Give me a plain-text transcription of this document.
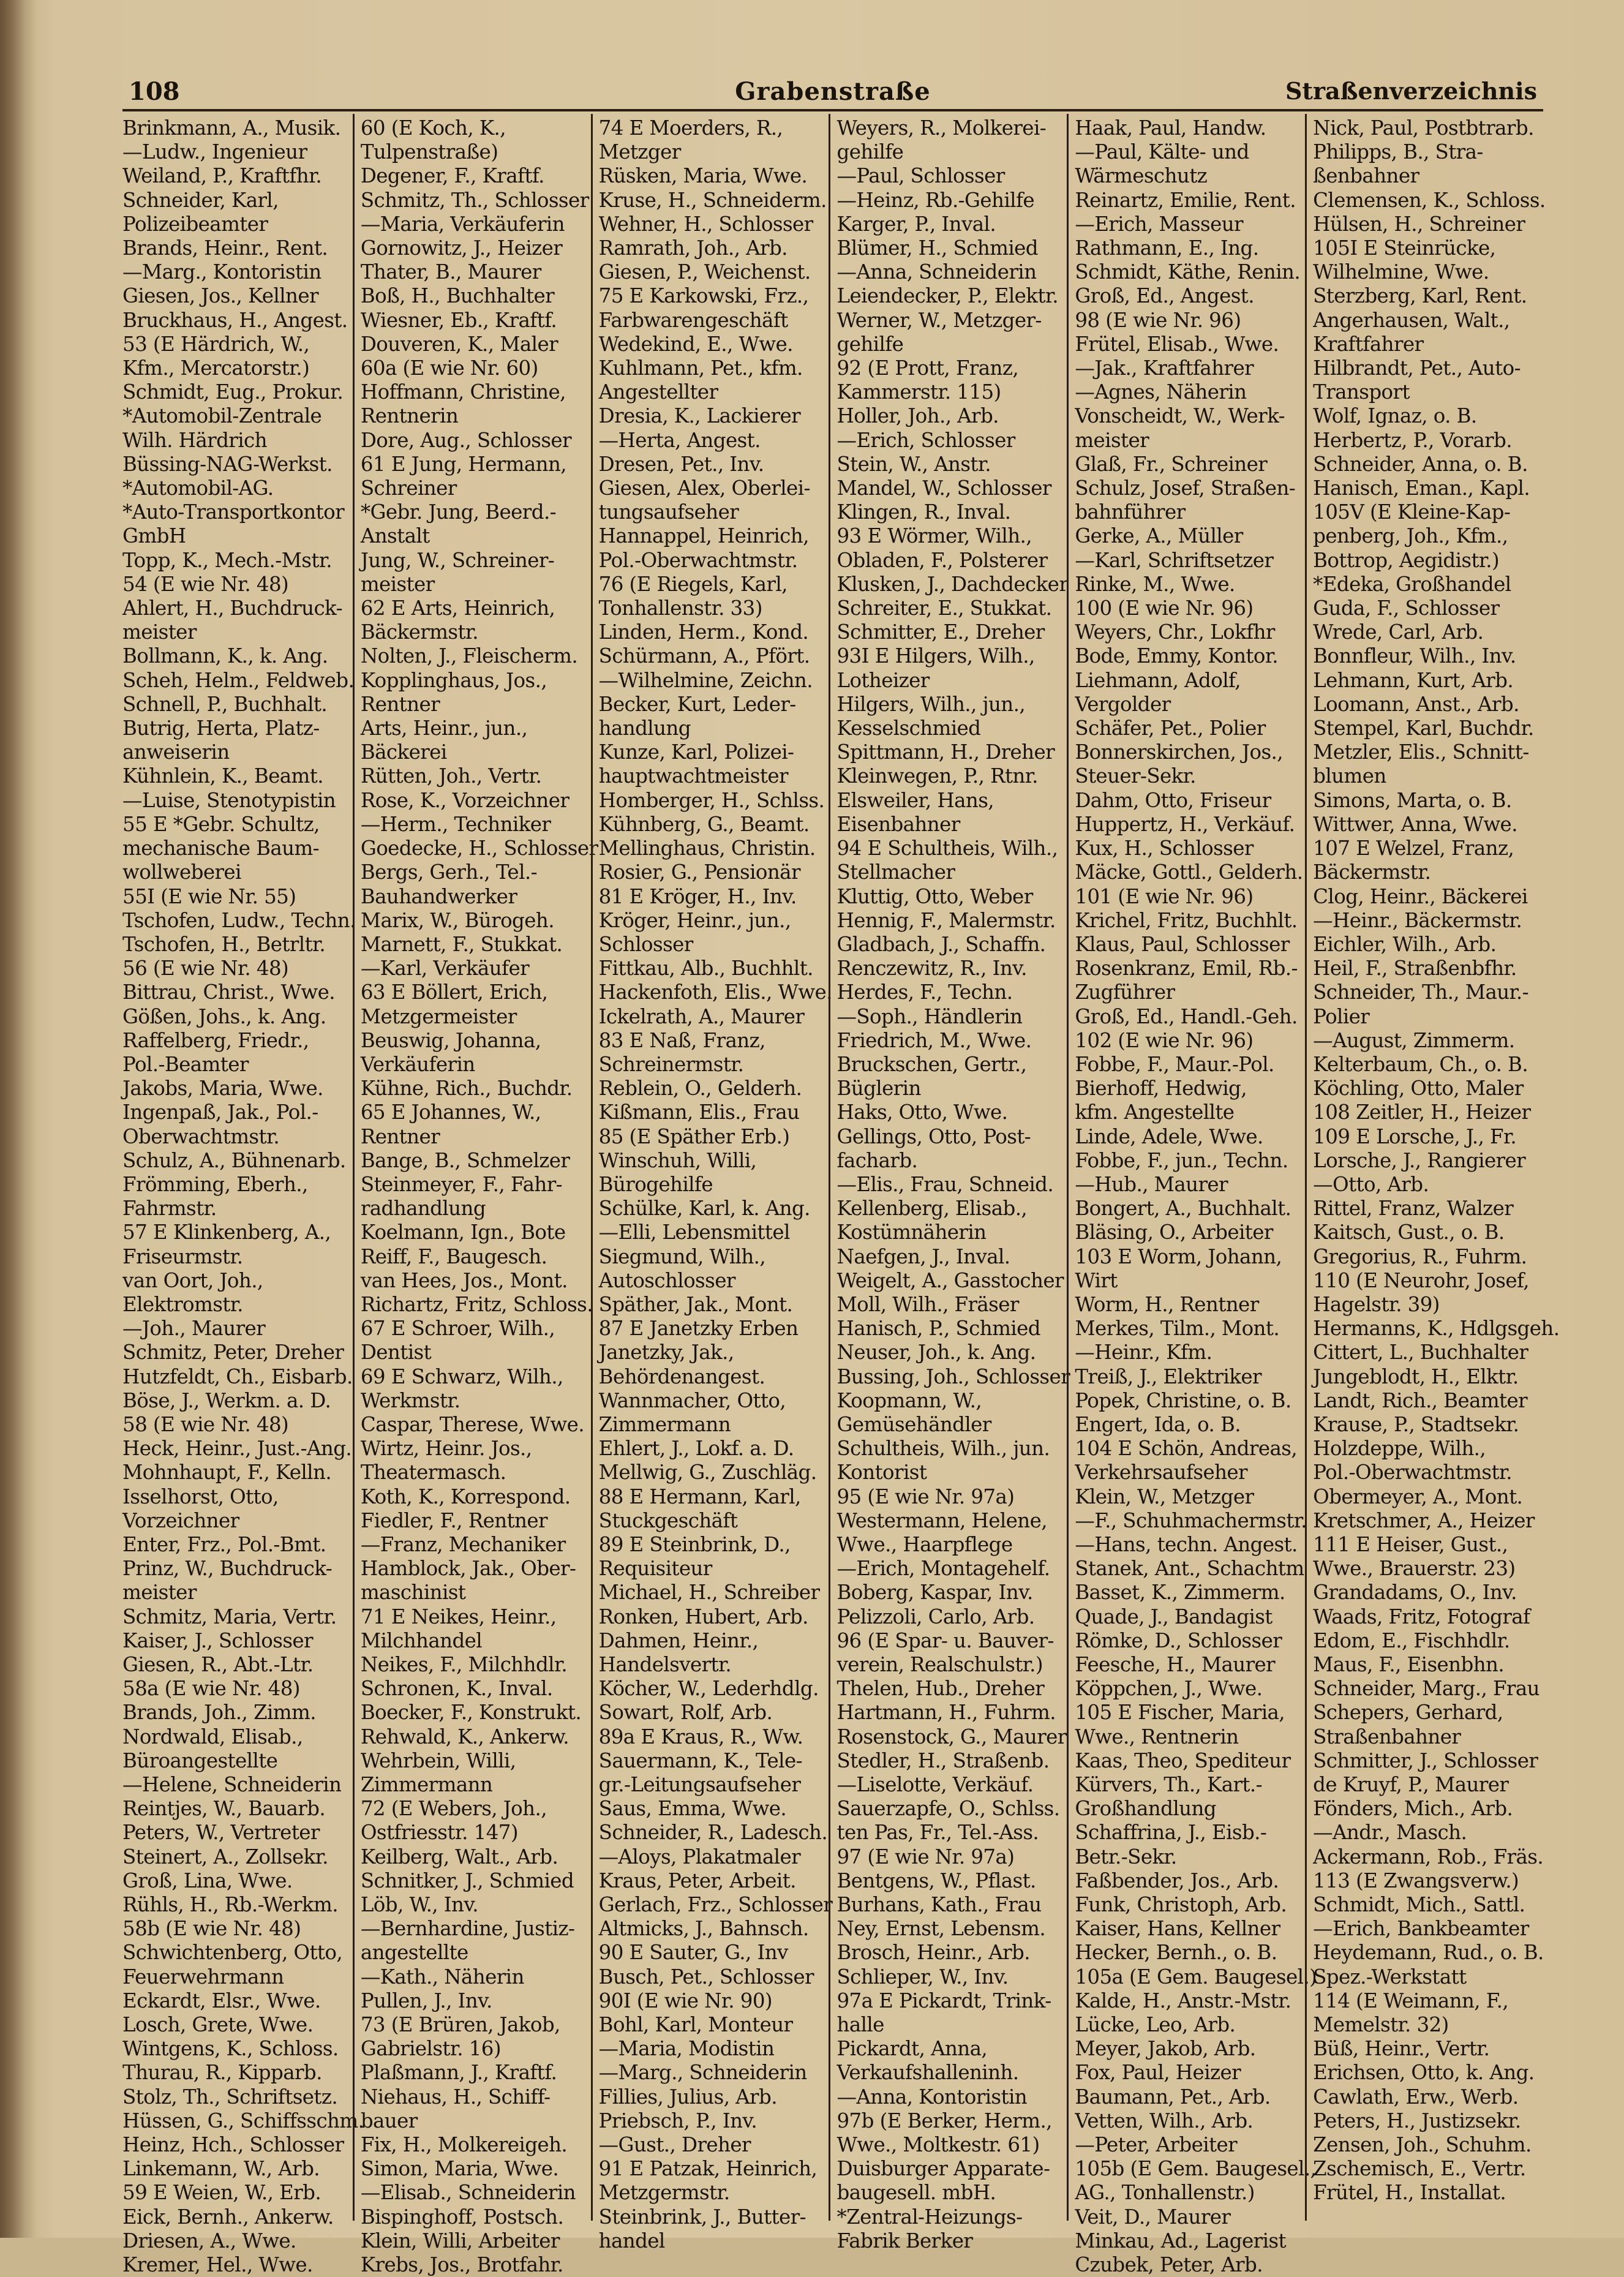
108	Grabenstraße	Straßenverzeichnis
Brinkmann, A., Musik.
—Ludw., Ingenieur
Weiland, P., Kraftfhr.
Schneider, Karl,
Polizeibeamter
Brands, Heinr., Rent.
—Marg., Kontoristin
Giesen, Jos., Kellner
Bruckhaus, H., Angest.
53 (E Härdrich, W.,
Kfm., Mercatorstr.)
Schmidt, Eug., Prokur.
*Automobil-Zentrale
Wilh. Härdrich
Büssing-NAG-Werkst.
*Automobil-AG.
*Auto-Transportkontor
GmbH
Topp, K., Mech.-Mstr.
54 (E wie Nr. 48)
Ahlert, H., Buchdruck-
meister
Bollmann, K., k. Ang.
Scheh, Helm., Feldweb.
Schnell, P., Buchhalt.
Butrig, Herta, Platz-
anweiserin
Kühnlein, K., Beamt.
—Luise, Stenotypistin
55 E *Gebr. Schultz,
mechanische Baum-
wollweberei
55I (E wie Nr. 55)
Tschofen, Ludw., Techn.
Tschofen, H., Betrltr.
56 (E wie Nr. 48)
Bittrau, Christ., Wwe.
Gößen, Johs., k. Ang.
Raffelberg, Friedr.,
Pol.-Beamter
Jakobs, Maria, Wwe.
Ingenpaß, Jak., Pol.-
Oberwachtmstr.
Schulz, A., Bühnenarb.
Frömming, Eberh.,
Fahrmstr.
57 E Klinkenberg, A.,
Friseurmstr.
van Oort, Joh.,
Elektromstr.
—Joh., Maurer
Schmitz, Peter, Dreher
Hutzfeldt, Ch., Eisbarb.
Böse, J., Werkm. a. D.
58 (E wie Nr. 48)
Heck, Heinr., Just.-Ang.
Mohnhaupt, F., Kelln.
Isselhorst, Otto,
Vorzeichner
Enter, Frz., Pol.-Bmt.
Prinz, W., Buchdruck-
meister
Schmitz, Maria, Vertr.
Kaiser, J., Schlosser
Giesen, R., Abt.-Ltr.
58a (E wie Nr. 48)
Brands, Joh., Zimm.
Nordwald, Elisab.,
Büroangestellte
—Helene, Schneiderin
Reintjes, W., Bauarb.
Peters, W., Vertreter
Steinert, A., Zollsekr.
Groß, Lina, Wwe.
Rühls, H., Rb.-Werkm.
58b (E wie Nr. 48)
Schwichtenberg, Otto,
Feuerwehrmann
Eckardt, Elsr., Wwe.
Losch, Grete, Wwe.
Wintgens, K., Schloss.
Thurau, R., Kipparb.
Stolz, Th., Schriftsetz.
Hüssen, G., Schiffsschm.
Heinz, Hch., Schlosser
Linkemann, W., Arb.
59 E Weien, W., Erb.
Eick, Bernh., Ankerw.
Driesen, A., Wwe.
Kremer, Hel., Wwe.
60 (E Koch, K.,
Tulpenstraße)
Degener, F., Kraftf.
Schmitz, Th., Schlosser
—Maria, Verkäuferin
Gornowitz, J., Heizer
Thater, B., Maurer
Boß, H., Buchhalter
Wiesner, Eb., Kraftf.
Douveren, K., Maler
60a (E wie Nr. 60)
Hoffmann, Christine,
Rentnerin
Dore, Aug., Schlosser
61 E Jung, Hermann,
Schreiner
*Gebr. Jung, Beerd.-
Anstalt
Jung, W., Schreiner-
meister
62 E Arts, Heinrich,
Bäckermstr.
Nolten, J., Fleischerm.
Kopplinghaus, Jos.,
Rentner
Arts, Heinr., jun.,
Bäckerei
Rütten, Joh., Vertr.
Rose, K., Vorzeichner
—Herm., Techniker
Goedecke, H., Schlosser
Bergs, Gerh., Tel.-
Bauhandwerker
Marix, W., Bürogeh.
Marnett, F., Stukkat.
—Karl, Verkäufer
63 E Böllert, Erich,
Metzgermeister
Beuswig, Johanna,
Verkäuferin
Kühne, Rich., Buchdr.
65 E Johannes, W.,
Rentner
Bange, B., Schmelzer
Steinmeyer, F., Fahr-
radhandlung
Koelmann, Ign., Bote
Reiff, F., Baugesch.
van Hees, Jos., Mont.
Richartz, Fritz, Schloss.
67 E Schroer, Wilh.,
Dentist
69 E Schwarz, Wilh.,
Werkmstr.
Caspar, Therese, Wwe.
Wirtz, Heinr. Jos.,
Theatermasch.
Koth, K., Korrespond.
Fiedler, F., Rentner
—Franz, Mechaniker
Hamblock, Jak., Ober-
maschinist
71 E Neikes, Heinr.,
Milchhandel
Neikes, F., Milchhdlr.
Schronen, K., Inval.
Boecker, F., Konstrukt.
Rehwald, K., Ankerw.
Wehrbein, Willi,
Zimmermann
72 (E Webers, Joh.,
Ostfriesstr. 147)
Keilberg, Walt., Arb.
Schnitker, J., Schmied
Löb, W., Inv.
—Bernhardine, Justiz-
angestellte
—Kath., Näherin
Pullen, J., Inv.
73 (E Brüren, Jakob,
Gabrielstr. 16)
Plaßmann, J., Kraftf.
Niehaus, H., Schiff-
bauer
Fix, H., Molkereigeh.
Simon, Maria, Wwe.
—Elisab., Schneiderin
Bispinghoff, Postsch.
Klein, Willi, Arbeiter
Krebs, Jos., Brotfahr.
74 E Moerders, R.,
Metzger
Rüsken, Maria, Wwe.
Kruse, H., Schneiderm.
Wehner, H., Schlosser
Ramrath, Joh., Arb.
Giesen, P., Weichenst.
75 E Karkowski, Frz.,
Farbwarengeschäft
Wedekind, E., Wwe.
Kuhlmann, Pet., kfm.
Angestellter
Dresia, K., Lackierer
—Herta, Angest.
Dresen, Pet., Inv.
Giesen, Alex, Oberlei-
tungsaufseher
Hannappel, Heinrich,
Pol.-Oberwachtmstr.
76 (E Riegels, Karl,
Tonhallenstr. 33)
Linden, Herm., Kond.
Schürmann, A., Pfört.
—Wilhelmine, Zeichn.
Becker, Kurt, Leder-
handlung
Kunze, Karl, Polizei-
hauptwachtmeister
Homberger, H., Schlss.
Kühnberg, G., Beamt.
Mellinghaus, Christin.
Rosier, G., Pensionär
81 E Kröger, H., Inv.
Kröger, Heinr., jun.,
Schlosser
Fittkau, Alb., Buchhlt.
Hackenfoth, Elis., Wwe.
Ickelrath, A., Maurer
83 E Naß, Franz,
Schreinermstr.
Reblein, O., Gelderh.
Kißmann, Elis., Frau
85 (E Späther Erb.)
Winschuh, Willi,
Bürogehilfe
Schülke, Karl, k. Ang.
—Elli, Lebensmittel
Siegmund, Wilh.,
Autoschlosser
Späther, Jak., Mont.
87 E Janetzky Erben
Janetzky, Jak.,
Behördenangest.
Wannmacher, Otto,
Zimmermann
Ehlert, J., Lokf. a. D.
Mellwig, G., Zuschläg.
88 E Hermann, Karl,
Stuckgeschäft
89 E Steinbrink, D.,
Requisiteur
Michael, H., Schreiber
Ronken, Hubert, Arb.
Dahmen, Heinr.,
Handelsvertr.
Köcher, W., Lederhdlg.
Sowart, Rolf, Arb.
89a E Kraus, R., Ww.
Sauermann, K., Tele-
gr.-Leitungsaufseher
Saus, Emma, Wwe.
Schneider, R., Ladesch.
—Aloys, Plakatmaler
Kraus, Peter, Arbeit.
Gerlach, Frz., Schlosser
Altmicks, J., Bahnsch.
90 E Sauter, G., Inv
Busch, Pet., Schlosser
90I (E wie Nr. 90)
Bohl, Karl, Monteur
—Maria, Modistin
—Marg., Schneiderin
Fillies, Julius, Arb.
Priebsch, P., Inv.
—Gust., Dreher
91 E Patzak, Heinrich,
Metzgermstr.
Steinbrink, J., Butter-
handel
Weyers, R., Molkerei-
gehilfe
—Paul, Schlosser
—Heinz, Rb.-Gehilfe
Karger, P., Inval.
Blümer, H., Schmied
—Anna, Schneiderin
Leiendecker, P., Elektr.
Werner, W., Metzger-
gehilfe
92 (E Prott, Franz,
Kammerstr. 115)
Holler, Joh., Arb.
—Erich, Schlosser
Stein, W., Anstr.
Mandel, W., Schlosser
Klingen, R., Inval.
93 E Wörmer, Wilh.,
Obladen, F., Polsterer
Klusken, J., Dachdecker
Schreiter, E., Stukkat.
Schmitter, E., Dreher
93I E Hilgers, Wilh.,
Lotheizer
Hilgers, Wilh., jun.,
Kesselschmied
Spittmann, H., Dreher
Kleinwegen, P., Rtnr.
Elsweiler, Hans,
Eisenbahner
94 E Schultheis, Wilh.,
Stellmacher
Kluttig, Otto, Weber
Hennig, F., Malermstr.
Gladbach, J., Schaffn.
Renczewitz, R., Inv.
Herdes, F., Techn.
—Soph., Händlerin
Friedrich, M., Wwe.
Bruckschen, Gertr.,
Büglerin
Haks, Otto, Wwe.
Gellings, Otto, Post-
facharb.
—Elis., Frau, Schneid.
Kellenberg, Elisab.,
Kostümnäherin
Naefgen, J., Inval.
Weigelt, A., Gasstocher
Moll, Wilh., Fräser
Hanisch, P., Schmied
Neuser, Joh., k. Ang.
Bussing, Joh., Schlosser
Koopmann, W.,
Gemüsehändler
Schultheis, Wilh., jun.
Kontorist
95 (E wie Nr. 97a)
Westermann, Helene,
Wwe., Haarpflege
—Erich, Montagehelf.
Boberg, Kaspar, Inv.
Pelizzoli, Carlo, Arb.
96 (E Spar- u. Bauver-
verein, Realschulstr.)
Thelen, Hub., Dreher
Hartmann, H., Fuhrm.
Rosenstock, G., Maurer
Stedler, H., Straßenb.
—Liselotte, Verkäuf.
Sauerzapfe, O., Schlss.
ten Pas, Fr., Tel.-Ass.
97 (E wie Nr. 97a)
Bentgens, W., Pflast.
Burhans, Kath., Frau
Ney, Ernst, Lebensm.
Brosch, Heinr., Arb.
Schlieper, W., Inv.
97a E Pickardt, Trink-
halle
Pickardt, Anna,
Verkaufshalleninh.
—Anna, Kontoristin
97b (E Berker, Herm.,
Wwe., Moltkestr. 61)
Duisburger Apparate-
baugesell. mbH.
*Zentral-Heizungs-
Fabrik Berker
Haak, Paul, Handw.
—Paul, Kälte- und
Wärmeschutz
Reinartz, Emilie, Rent.
—Erich, Masseur
Rathmann, E., Ing.
Schmidt, Käthe, Renin.
Groß, Ed., Angest.
98 (E wie Nr. 96)
Frütel, Elisab., Wwe.
—Jak., Kraftfahrer
—Agnes, Näherin
Vonscheidt, W., Werk-
meister
Glaß, Fr., Schreiner
Schulz, Josef, Straßen-
bahnführer
Gerke, A., Müller
—Karl, Schriftsetzer
Rinke, M., Wwe.
100 (E wie Nr. 96)
Weyers, Chr., Lokfhr
Bode, Emmy, Kontor.
Liehmann, Adolf,
Vergolder
Schäfer, Pet., Polier
Bonnerskirchen, Jos.,
Steuer-Sekr.
Dahm, Otto, Friseur
Huppertz, H., Verkäuf.
Kux, H., Schlosser
Mäcke, Gottl., Gelderh.
101 (E wie Nr. 96)
Krichel, Fritz, Buchhlt.
Klaus, Paul, Schlosser
Rosenkranz, Emil, Rb.-
Zugführer
Groß, Ed., Handl.-Geh.
102 (E wie Nr. 96)
Fobbe, F., Maur.-Pol.
Bierhoff, Hedwig,
kfm. Angestellte
Linde, Adele, Wwe.
Fobbe, F., jun., Techn.
—Hub., Maurer
Bongert, A., Buchhalt.
Bläsing, O., Arbeiter
103 E Worm, Johann,
Wirt
Worm, H., Rentner
Merkes, Tilm., Mont.
—Heinr., Kfm.
Treiß, J., Elektriker
Popek, Christine, o. B.
Engert, Ida, o. B.
104 E Schön, Andreas,
Verkehrsaufseher
Klein, W., Metzger
—F., Schuhmachermstr.
—Hans, techn. Angest.
Stanek, Ant., Schachtm
Basset, K., Zimmerm.
Quade, J., Bandagist
Römke, D., Schlosser
Feesche, H., Maurer
Köppchen, J., Wwe.
105 E Fischer, Maria,
Wwe., Rentnerin
Kaas, Theo, Spediteur
Kürvers, Th., Kart.-
Großhandlung
Schaffrina, J., Eisb.-
Betr.-Sekr.
Faßbender, Jos., Arb.
Funk, Christoph, Arb.
Kaiser, Hans, Kellner
Hecker, Bernh., o. B.
105a (E Gem. Baugesel.)
Kalde, H., Anstr.-Mstr.
Lücke, Leo, Arb.
Meyer, Jakob, Arb.
Fox, Paul, Heizer
Baumann, Pet., Arb.
Vetten, Wilh., Arb.
—Peter, Arbeiter
105b (E Gem. Baugesel.,
AG., Tonhallenstr.)
Veit, D., Maurer
Minkau, Ad., Lagerist
Czubek, Peter, Arb.
Nick, Paul, Postbtrarb.
Philipps, B., Stra-
ßenbahner
Clemensen, K., Schloss.
Hülsen, H., Schreiner
105I E Steinrücke,
Wilhelmine, Wwe.
Sterzberg, Karl, Rent.
Angerhausen, Walt.,
Kraftfahrer
Hilbrandt, Pet., Auto-
Transport
Wolf, Ignaz, o. B.
Herbertz, P., Vorarb.
Schneider, Anna, o. B.
Hanisch, Eman., Kapl.
105V (E Kleine-Kap-
penberg, Joh., Kfm.,
Bottrop, Aegidistr.)
*Edeka, Großhandel
Guda, F., Schlosser
Wrede, Carl, Arb.
Bonnfleur, Wilh., Inv.
Lehmann, Kurt, Arb.
Loomann, Anst., Arb.
Stempel, Karl, Buchdr.
Metzler, Elis., Schnitt-
blumen
Simons, Marta, o. B.
Wittwer, Anna, Wwe.
107 E Welzel, Franz,
Bäckermstr.
Clog, Heinr., Bäckerei
—Heinr., Bäckermstr.
Eichler, Wilh., Arb.
Heil, F., Straßenbfhr.
Schneider, Th., Maur.-
Polier
—August, Zimmerm.
Kelterbaum, Ch., o. B.
Köchling, Otto, Maler
108 Zeitler, H., Heizer
109 E Lorsche, J., Fr.
Lorsche, J., Rangierer
—Otto, Arb.
Rittel, Franz, Walzer
Kaitsch, Gust., o. B.
Gregorius, R., Fuhrm.
110 (E Neurohr, Josef,
Hagelstr. 39)
Hermanns, K., Hdlgsgeh.
Cittert, L., Buchhalter
Jungeblodt, H., Elktr.
Landt, Rich., Beamter
Krause, P., Stadtsekr.
Holzdeppe, Wilh.,
Pol.-Oberwachtmstr.
Obermeyer, A., Mont.
Kretschmer, A., Heizer
111 E Heiser, Gust.,
Wwe., Brauerstr. 23)
Grandadams, O., Inv.
Waads, Fritz, Fotograf
Edom, E., Fischhdlr.
Maus, F., Eisenbhn.
Schneider, Marg., Frau
Schepers, Gerhard,
Straßenbahner
Schmitter, J., Schlosser
de Kruyf, P., Maurer
Fönders, Mich., Arb.
—Andr., Masch.
Ackermann, Rob., Fräs.
113 (E Zwangsverw.)
Schmidt, Mich., Sattl.
—Erich, Bankbeamter
Heydemann, Rud., o. B.
Spez.-Werkstatt
114 (E Weimann, F.,
Memelstr. 32)
Büß, Heinr., Vertr.
Erichsen, Otto, k. Ang.
Cawlath, Erw., Werb.
Peters, H., Justizsekr.
Zensen, Joh., Schuhm.
Zschemisch, E., Vertr.
Frütel, H., Installat.
